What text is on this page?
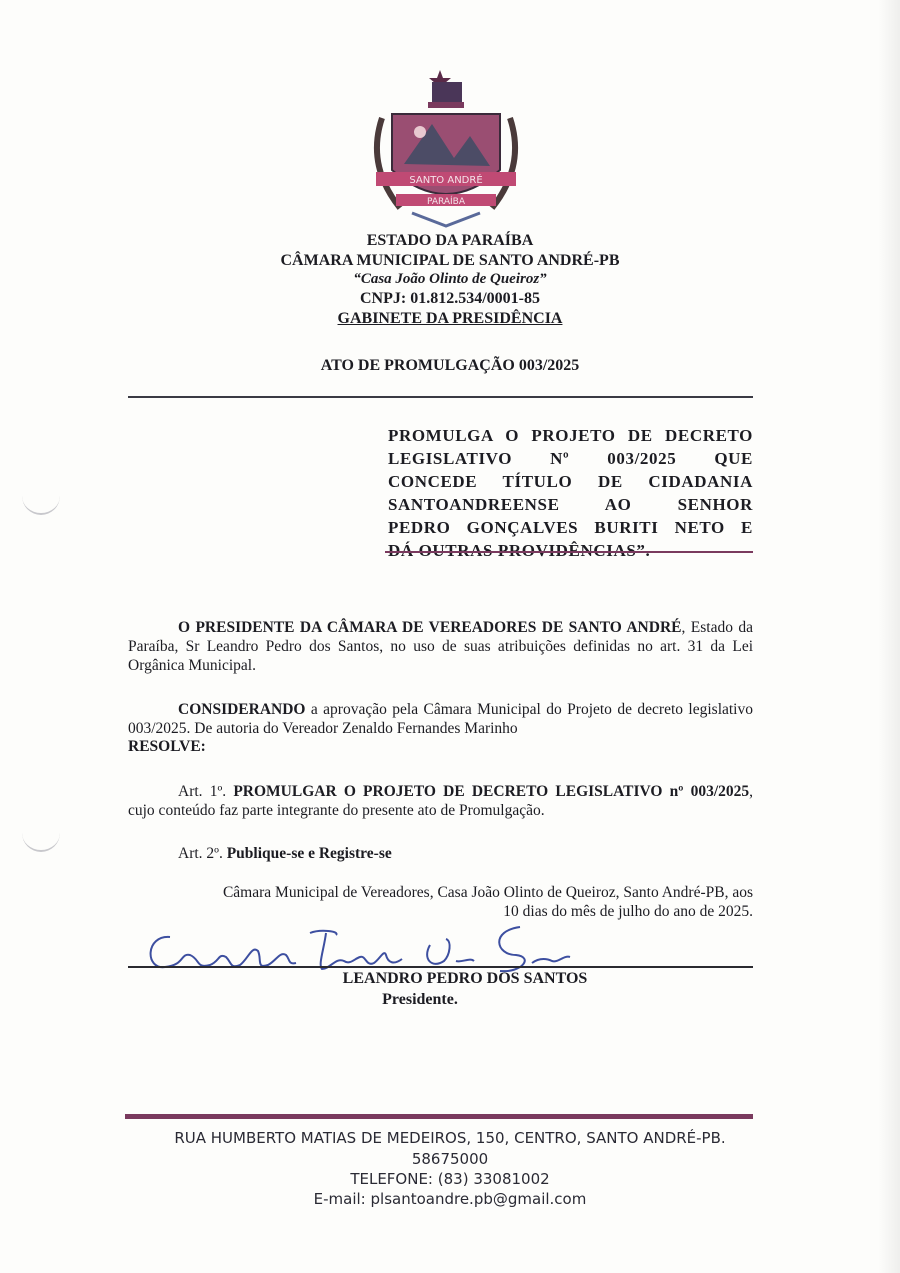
SANTO ANDRÉ
PARAÍBA
ESTADO DA PARAÍBA
CÂMARA MUNICIPAL DE SANTO ANDRÉ-PB
“Casa João Olinto de Queiroz”
CNPJ: 01.812.534/0001-85
GABINETE DA PRESIDÊNCIA
ATO DE PROMULGAÇÃO 003/2025
PROMULGA O PROJETO DE DECRETO
LEGISLATIVO Nº 003/2025 QUE
CONCEDE TÍTULO DE CIDADANIA
SANTOANDREENSE AO SENHOR
PEDRO GONÇALVES BURITI NETO E
O PRESIDENTE DA CÂMARA DE VEREADORES DE SANTO ANDRÉ, Estado da Paraíba, Sr Leandro Pedro dos Santos, no uso de suas atribuições definidas no art. 31 da Lei Orgânica Municipal.
CONSIDERANDO a aprovação pela Câmara Municipal do Projeto de decreto legislativo 003/2025. De autoria do Vereador Zenaldo Fernandes Marinho
RESOLVE:
Art. 1º. PROMULGAR O PROJETO DE DECRETO LEGISLATIVO nº 003/2025, cujo conteúdo faz parte integrante do presente ato de Promulgação.
Art. 2º. Publique-se e Registre-se
Câmara Municipal de Vereadores, Casa João Olinto de Queiroz, Santo André-PB, aos
10 dias do mês de julho do ano de 2025.
LEANDRO PEDRO DOS SANTOS
Presidente.
RUA HUMBERTO MATIAS DE MEDEIROS, 150, CENTRO, SANTO ANDRÉ-PB.
58675000
TELEFONE: (83) 33081002
E-mail: plsantoandre.pb@gmail.com
